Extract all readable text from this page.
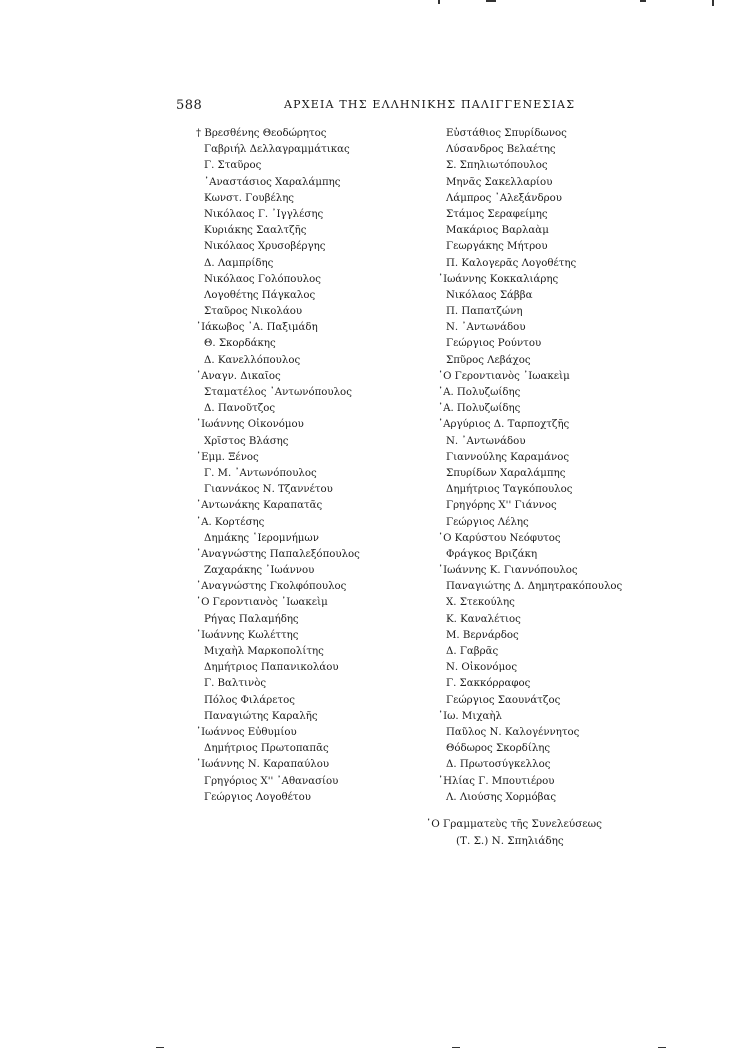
588	ΑΡΧΕΙΑ ΤΗΣ ΕΛΛΗΝΙΚΗΣ ΠΑΛΙΓΓΕΝΕΣΙΑΣ
† Βρεσθένης Θεοδώρητος
Γαβριήλ Δελλαγραμμάτικας
Γ. Σταῦρος
᾿Αναστάσιος Χαραλάμπης
Κωνστ. Γουβέλης
Νικόλαος Γ. ᾿Ιγγλέσης
Κυριάκης Σααλτζῆς
Νικόλαος Χρυσοβέργης
Δ. Λαμπρίδης
Νικόλαος Γολόπουλος
Λογοθέτης Πάγκαλος
Σταῦρος Νικολάου
᾿Ιάκωβος ᾿Α. Παξιμάδη
Θ. Σκορδάκης
Δ. Κανελλόπουλος
᾿Αναγν. Δικαῖος
Σταματέλος ᾿Αντωνόπουλος
Δ. Πανοῦτζος
᾿Ιωάννης Οἰκονόμου
Χρῖστος Βλάσης
᾿Εμμ. Ξένος
Γ. Μ. ᾿Αντωνόπουλος
Γιαννάκος Ν. Τζαννέτου
᾿Αντωνάκης Καραπατᾶς
᾿Α. Κορτέσης
Δημάκης ῾Ιερομνήμων
᾿Αναγνώστης Παπαλεξόπουλος
Ζαχαράκης ᾿Ιωάννου
᾿Αναγνώστης Γκολφόπουλος
῾Ο Γεροντιανὸς ᾿Ιωακεὶμ
Ρήγας Παλαμήδης
᾿Ιωάννης Κωλέττης
Μιχαὴλ Μαρκοπολίτης
Δημήτριος Παπανικολάου
Γ. Βαλτινὸς
Πόλος Φιλάρετος
Παναγιώτης Καραλῆς
᾿Ιωάννος Εὐθυμίου
Δημήτριος Πρωτοπαπᾶς
᾿Ιωάννης Ν. Καραπαύλου
Γρηγόριος Χ'' ᾿Αθανασίου
Γεώργιος Λογοθέτου
Εὐστάθιος Σπυρίδωνος
Λύσανδρος Βελαέτης
Σ. Σπηλιωτόπουλος
Μηνᾶς Σακελλαρίου
Λάμπρος ᾿Αλεξάνδρου
Στάμος Σεραφείμης
Μακάριος Βαρλαὰμ
Γεωργάκης Μήτρου
Π. Καλογερᾶς Λογοθέτης
᾿Ιωάννης Κοκκαλιάρης
Νικόλαος Σάββα
Π. Παπατζώνη
Ν. ᾿Αντωνάδου
Γεώργιος Ρούντου
Σπῦρος Λεβάχος
῾Ο Γεροντιανὸς ᾿Ιωακεὶμ
᾿Α. Πολυζωίδης
᾿Α. Πολυζωίδης
᾿Αργύριος Δ. Ταρποχτζῆς
Ν. ᾿Αντωνάδου
Γιαννούλης Καραμάνος
Σπυρίδων Χαραλάμπης
Δημήτριος Ταγκόπουλος
Γρηγόρης Χ'' Γιάννος
Γεώργιος Λέλης
῾Ο Καρύστου Νεόφυτος
Φράγκος Βριζάκη
᾿Ιωάννης Κ. Γιαννόπουλος
Παναγιώτης Δ. Δημητρακόπουλος
Χ. Στεκούλης
Κ. Καναλέτιος
Μ. Βερνάρδος
Δ. Γαβρᾶς
Ν. Οἰκονόμος
Γ. Σακκόρραφος
Γεώργιος Σαουνάτζος
᾿Ιω. Μιχαὴλ
Παῦλος Ν. Καλογέννητος
Θόδωρος Σκορδίλης
Δ. Πρωτοσύγκελλος
᾿Ηλίας Γ. Μπουτιέρου
Λ. Λιούσης Χορμόβας
῾Ο Γραμματεὺς τῆς Συνελεύσεως
(Τ. Σ.) Ν. Σπηλιάδης
